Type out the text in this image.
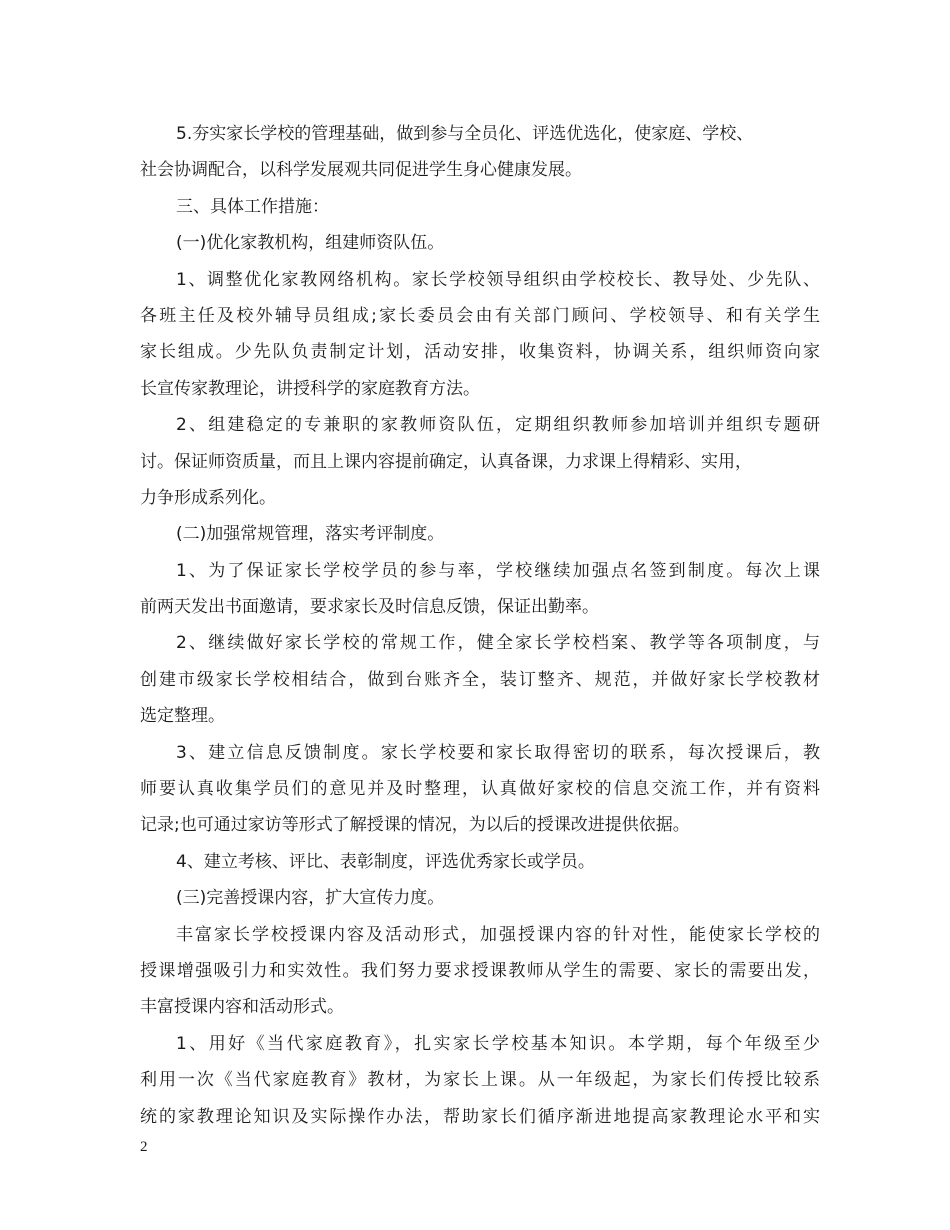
5.夯实家长学校的管理基础，做到参与全员化、评选优选化，使家庭、学校、
社会协调配合，以科学发展观共同促进学生身心健康发展。
三、具体工作措施：
(一)优化家教机构，组建师资队伍。
1、调整优化家教网络机构。家长学校领导组织由学校校长、教导处、少先队、
各班主任及校外辅导员组成;家长委员会由有关部门顾问、学校领导、和有关学生
家长组成。少先队负责制定计划，活动安排，收集资料，协调关系，组织师资向家
长宣传家教理论，讲授科学的家庭教育方法。
2、组建稳定的专兼职的家教师资队伍，定期组织教师参加培训并组织专题研
讨。保证师资质量，而且上课内容提前确定，认真备课，力求课上得精彩、实用，
力争形成系列化。
(二)加强常规管理，落实考评制度。
1、为了保证家长学校学员的参与率，学校继续加强点名签到制度。每次上课
前两天发出书面邀请，要求家长及时信息反馈，保证出勤率。
2、继续做好家长学校的常规工作，健全家长学校档案、教学等各项制度，与
创建市级家长学校相结合，做到台账齐全，装订整齐、规范，并做好家长学校教材
选定整理。
3、建立信息反馈制度。家长学校要和家长取得密切的联系，每次授课后，教
师要认真收集学员们的意见并及时整理，认真做好家校的信息交流工作，并有资料
记录;也可通过家访等形式了解授课的情况，为以后的授课改进提供依据。
4、建立考核、评比、表彰制度，评选优秀家长或学员。
(三)完善授课内容，扩大宣传力度。
丰富家长学校授课内容及活动形式，加强授课内容的针对性，能使家长学校的
授课增强吸引力和实效性。我们努力要求授课教师从学生的需要、家长的需要出发，
丰富授课内容和活动形式。
1、用好《当代家庭教育》，扎实家长学校基本知识。本学期，每个年级至少
利用一次《当代家庭教育》教材，为家长上课。从一年级起，为家长们传授比较系
统的家教理论知识及实际操作办法，帮助家长们循序渐进地提高家教理论水平和实
2
